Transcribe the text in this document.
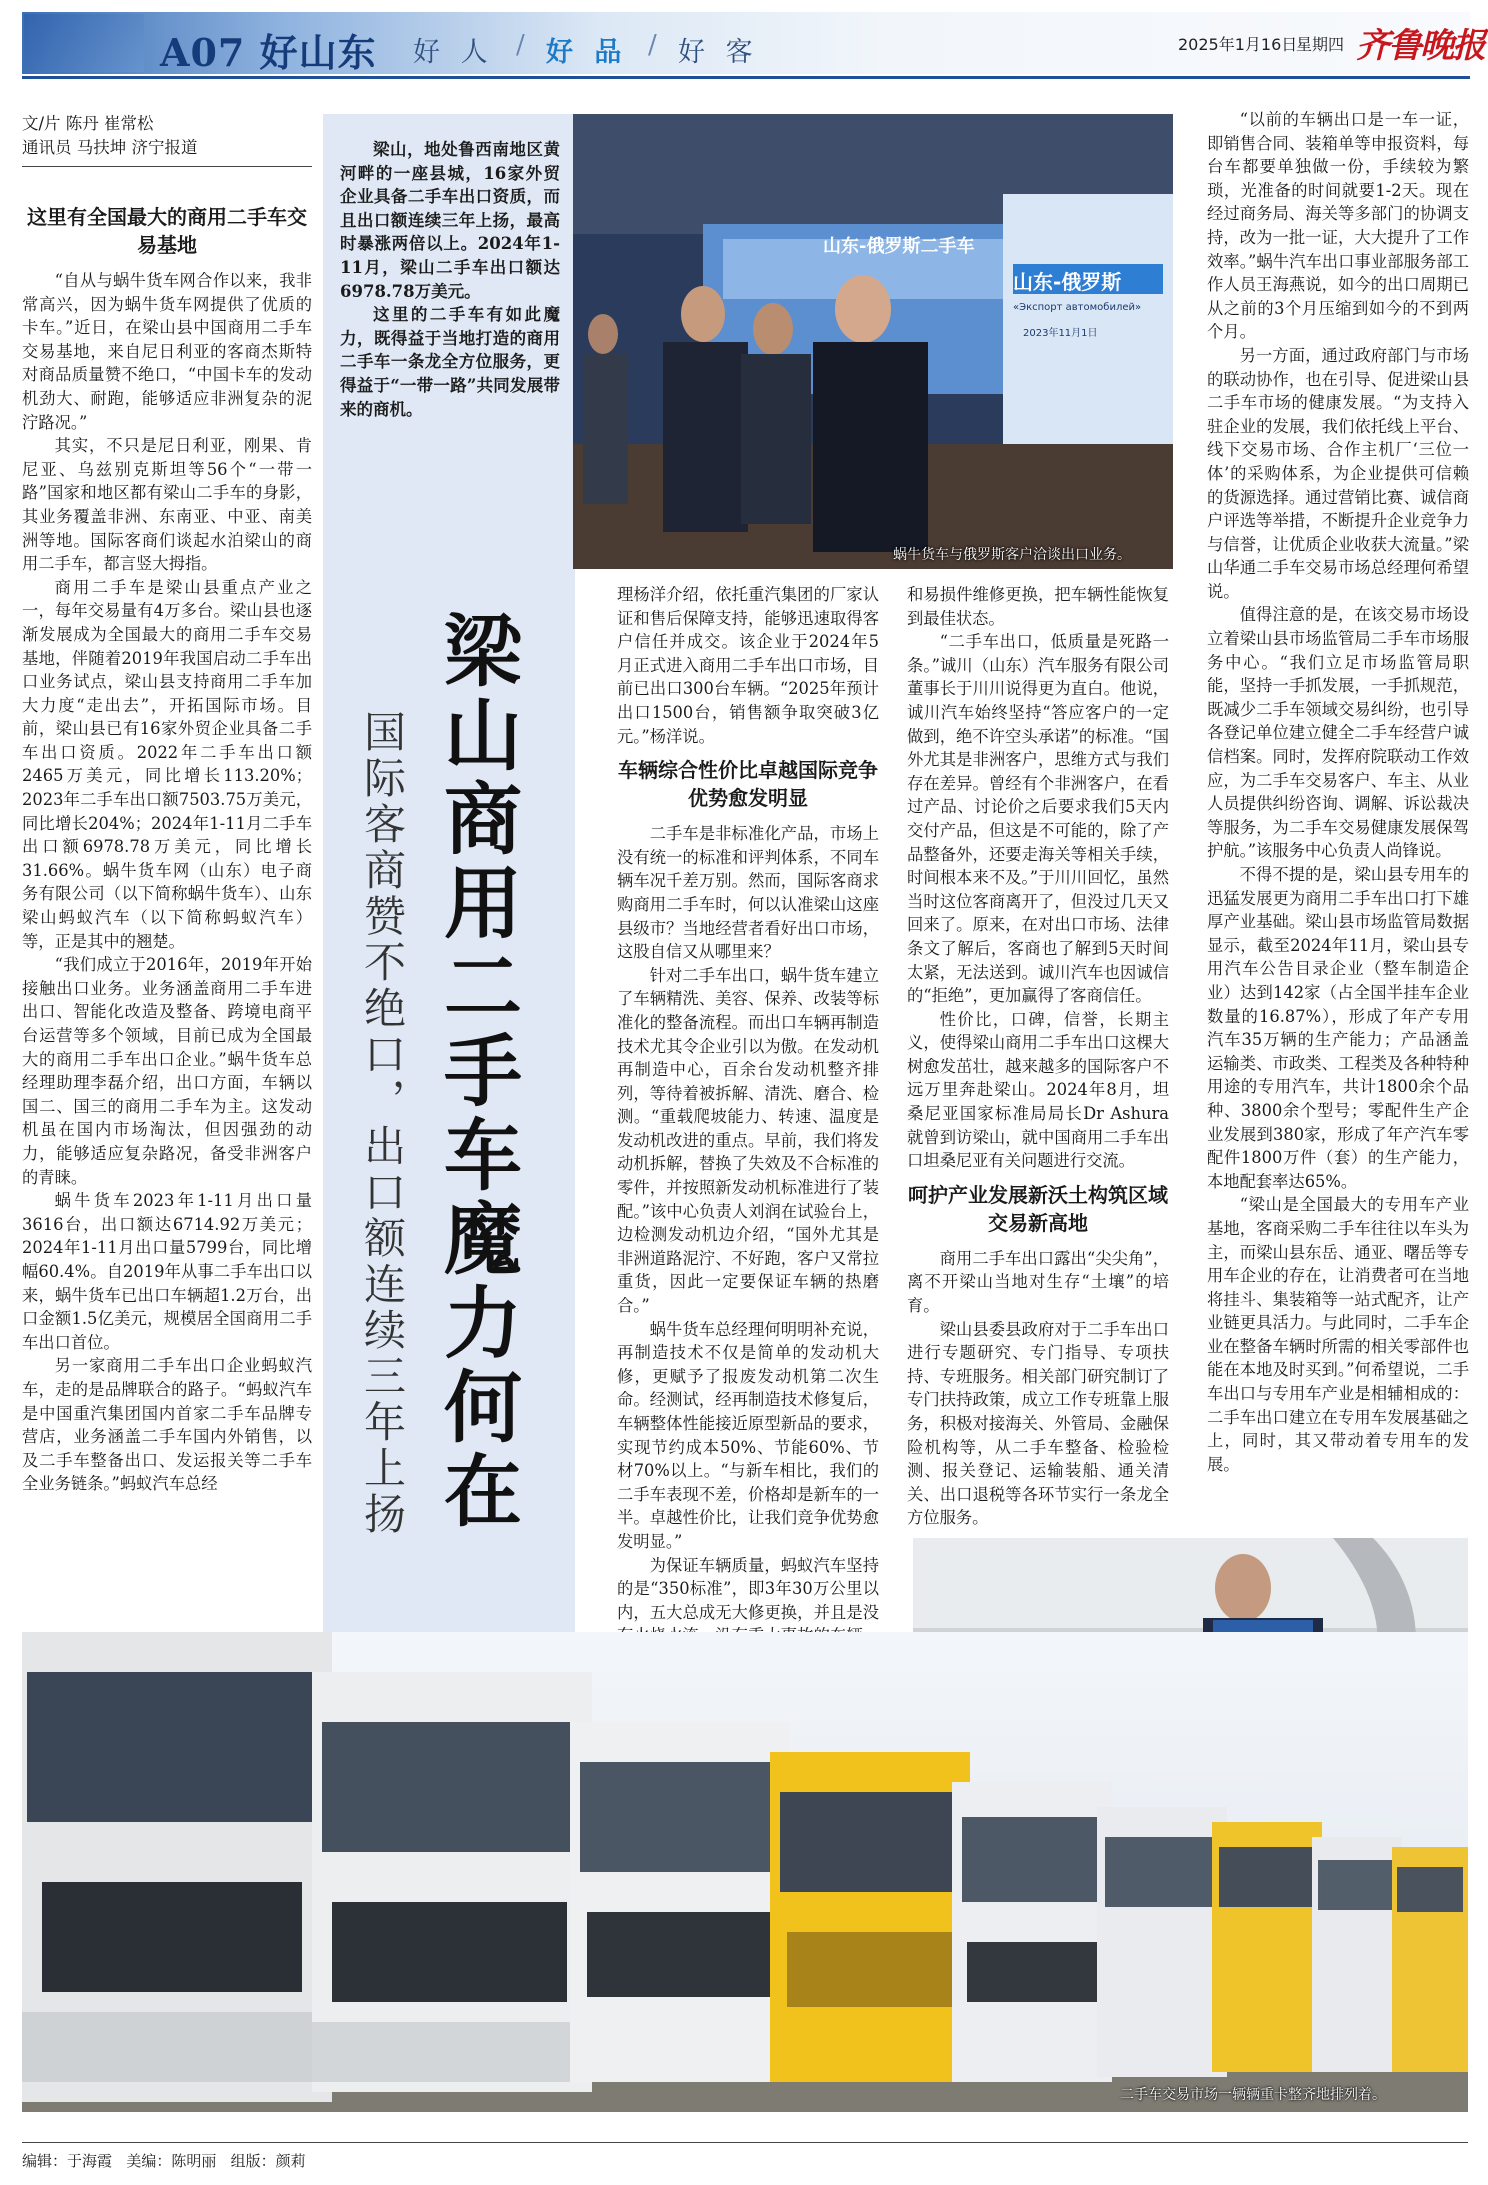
A07 好山东 好 人 / 好 品 / 好 客	2025年1月16日
星期四 齐鲁晚报
文/片 陈丹 崔常松
通讯员 马扶坤 济宁报道
这里有全国最大的商用二手车交易基地

“自从与蜗牛货车网合作以来，我非常高兴，因为蜗牛货车网提供了优质的卡车。”近日，在梁山县中国商用二手车交易基地，来自尼日利亚的客商杰斯特对商品质量赞不绝口，“中国卡车的发动机劲大、耐跑，能够适应非洲复杂的泥泞路况。”

其实，不只是尼日利亚，刚果、肯尼亚、乌兹别克斯坦等56个“一带一路”国家和地区都有梁山二手车的身影，其业务覆盖非洲、东南亚、中亚、南美洲等地。国际客商们谈起水泊梁山的商用二手车，都言竖大拇指。

商用二手车是梁山县重点产业之一，每年交易量有4万多台。梁山县也逐渐发展成为全国最大的商用二手车交易基地，伴随着2019年我国启动二手车出口业务试点，梁山县支持商用二手车加大力度“走出去”，开拓国际市场。目前，梁山县已有16家外贸企业具备二手车出口资质。2022年二手车出口额2465万美元，同比增长113.20%；2023年二手车出口额7503.75万美元，同比增长204%；2024年1-11月二手车出口额6978.78万美元，同比增长31.66%。蜗牛货车网（山东）电子商务有限公司（以下简称蜗牛货车）、山东梁山蚂蚁汽车（以下简称蚂蚁汽车）等，正是其中的翘楚。

“我们成立于2016年，2019年开始接触出口业务。业务涵盖商用二手车进出口、智能化改造及整备、跨境电商平台运营等多个领域，目前已成为全国最大的商用二手车出口企业。”蜗牛货车总经理助理李磊介绍，出口方面，车辆以国二、国三的商用二手车为主。这发动机虽在国内市场淘汰，但因强劲的动力，能够适应复杂路况，备受非洲客户的青睐。

蜗牛货车2023年1-11月出口量3616台，出口额达6714.92万美元；2024年1-11月出口量5799台，同比增幅60.4%。自2019年从事二手车出口以来，蜗牛货车已出口车辆超1.2万台，出口金额1.5亿美元，规模居全国商用二手车出口首位。

另一家商用二手车出口企业蚂蚁汽车，走的是品牌联合的路子。“蚂蚁汽车是中国重汽集团国内首家二手车品牌专营店，业务涵盖二手车国内外销售，以及二手车整备出口、发运报关等二手车全业务链条。”蚂蚁汽车总经

梁山，地处鲁西南地区黄河畔的一座县城，16家外贸企业具备二手车出口资质，而且出口额连续三年上扬，最高时暴涨两倍以上。2024年1-11月，梁山二手车出口额达6978.78万美元。

这里的二手车有如此魔力，既得益于当地打造的商用二手车一条龙全方位服务，更得益于“一带一路”共同发展带来的商机。

梁山商用二手车魔力何在
国际客商赞不绝口，出口额连续三年上扬
山东-俄罗斯二手车
山东-俄罗斯
«Экспорт автомобилей»
2023年11月1日
蜗牛货车与俄罗斯客户洽谈出口业务。

理杨洋介绍，依托重汽集团的厂家认证和售后保障支持，能够迅速取得客户信任并成交。该企业于2024年5月正式进入商用二手车出口市场，目前已出口300台车辆。“2025年预计出口1500台，销售额争取突破3亿元。”杨洋说。

车辆综合性价比卓越国际竞争优势愈发明显

二手车是非标准化产品，市场上没有统一的标准和评判体系，不同车辆车况千差万别。然而，国际客商求购商用二手车时，何以认准梁山这座县级市？当地经营者看好出口市场，这股自信又从哪里来？

针对二手车出口，蜗牛货车建立了车辆精洗、美容、保养、改装等标准化的整备流程。而出口车辆再制造技术尤其令企业引以为傲。在发动机再制造中心，百余台发动机整齐排列，等待着被拆解、清洗、磨合、检测。“重载爬坡能力、转速、温度是发动机改进的重点。早前，我们将发动机拆解，替换了失效及不合标准的零件，并按照新发动机标准进行了装配。”该中心负责人刘润在试验台上，边检测发动机边介绍，“国外尤其是非洲道路泥泞、不好跑，客户又常拉重货，因此一定要保证车辆的热磨合。”

蜗牛货车总经理何明明补充说，再制造技术不仅是简单的发动机大修，更赋予了报废发动机第二次生命。经测试，经再制造技术修复后，车辆整体性能接近原型新品的要求，实现节约成本50%、节能60%、节材70%以上。“与新车相比，我们的二手车表现不差，价格却是新车的一半。卓越性价比，让我们竞争优势愈发明显。”

为保证车辆质量，蚂蚁汽车坚持的是“350标准”，即3年30万公里以内，五大总成无大修更换，并且是没

和易损件维修更换，把车辆性能恢复到最佳状态。

“二手车出口，低质量是死路一条。”诚川（山东）汽车服务有限公司董事长于川川说得更为直白。他说，诚川汽车始终坚持“答应客户的一定做到，绝不许空头承诺”的标准。“国外尤其是非洲客户，思维方式与我们存在差异。曾经有个非洲客户，在看过产品、讨论价之后要求我们5天内交付产品，但这是不可能的，除了产品整备外，还要走海关等相关手续，时间根本来不及。”于川川回忆，虽然当时这位客商离开了，但没过几天又回来了。原来，在对出口市场、法律条文了解后，客商也了解到5天时间太紧，无法送到。诚川汽车也因诚信的“拒绝”，更加赢得了客商信任。

性价比，口碑，信誉，长期主义，使得梁山商用二手车出口这棵大树愈发茁壮，越来越多的国际客户不远万里奔赴梁山。2024年8月，坦桑尼亚国家标准局局长Dr Ashura就曾到访梁山，就中国商用二手车出口坦桑尼亚有关问题进行交流。

呵护产业发展新沃土构筑区域交易新高地

商用二手车出口露出“尖尖角”，离不开梁山当地对生存“土壤”的培育。

梁山县委县政府对于二手车出口进行专题研究、专门指导、专项扶持、专班服务。相关部门研究制订了专门扶持政策，成立工作专班靠上服务，积极对接海关、外管局、金融保险机构等，从二手车整备、检验检测、报关登记、运输装船、通关清关、出口退税等各环节实行一条龙全方位服务。

“以前的车辆出口是一车一证，即销售合同、装箱单等申报资料，每台车都要单独做一份，手续较为繁琐，光准备的时间就要1-2天。现在经过商务局、海关等多部门的协调支持，改为一批一证，大大提升了工作效率。”蜗牛汽车出口事业部服务部工作人员王海燕说，如今的出口周期已从之前的3个月压缩到如今的不到两个月。

另一方面，通过政府部门与市场的联动协作，也在引导、促进梁山县二手车市场的健康发展。“为支持入驻企业的发展，我们依托线上平台、线下交易市场、合作主机厂‘三位一体’的采购体系，为企业提供可信赖的货源选择。通过营销比赛、诚信商户评选等举措，不断提升企业竞争力与信誉，让优质企业收获大流量。”梁山华通二手车交易市场总经理何希望说。

值得注意的是，在该交易市场设立着梁山县市场监管局二手车市场服务中心。“我们立足市场监管局职能，坚持一手抓发展，一手抓规范，既减少二手车领域交易纠纷，也引导各登记单位建立健全二手车经营户诚信档案。同时，发挥府院联动工作效应，为二手车交易客户、车主、从业人员提供纠纷咨询、调解、诉讼裁决等服务，为二手车交易健康发展保驾护航。”该服务中心负责人尚锋说。

不得不提的是，梁山县专用车的迅猛发展更为商用二手车出口打下雄厚产业基础。梁山县市场监管局数据显示，截至2024年11月，梁山县专用汽车公告目录企业（整车制造企业）达到142家（占全国半挂车企业数量的16.87%），形成了年产专用汽车35万辆的生产能力；产品涵盖运输类、市政类、工程类及各种特种用途的专用汽车，共计1800余个品种、3800余个型号；零配件生产企业发展到380家，形成了年产汽车零配件1800万件（套）的生产能力，本地配套率达65%。

“梁山是全国最大的专用车产业基地，客商采购二手车往往以车头为主，而梁山县东岳、通亚、曙岳等专用车企业的存在，让消费者可在当地将挂斗、集装箱等一站式配齐，让产业链更具活力。与此同时，二手车企业在整备车辆时所需的相关零部件也能在本地及时买到。”何希望说，二手车出口与专用车产业是相辅相成的：二手车出口建立在专用车发展基础之上，同时，其又带动着专用车的发展。

二手车交易市场一辆辆重卡整齐地排列着。
编辑：于海霞 美编：陈明丽 组版：颜莉
